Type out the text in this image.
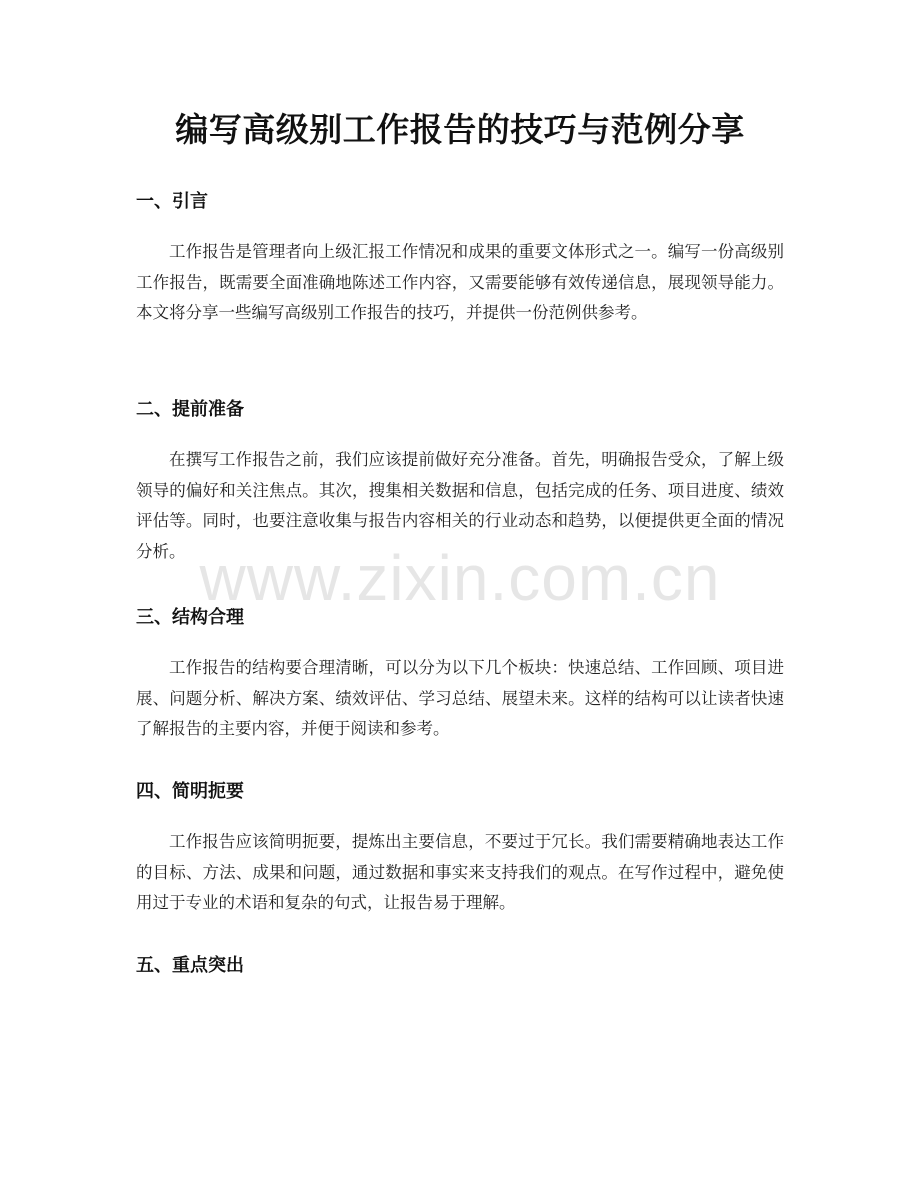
www.zixin.com.cn
编写高级别工作报告的技巧与范例分享
一、引言

工作报告是管理者向上级汇报工作情况和成果的重要文体形式之一。编写一份高级别工作报告，既需要全面准确地陈述工作内容，又需要能够有效传递信息，展现领导能力。本文将分享一些编写高级别工作报告的技巧，并提供一份范例供参考。

二、提前准备

在撰写工作报告之前，我们应该提前做好充分准备。首先，明确报告受众，了解上级领导的偏好和关注焦点。其次，搜集相关数据和信息，包括完成的任务、项目进度、绩效评估等。同时，也要注意收集与报告内容相关的行业动态和趋势，以便提供更全面的情况分析。

三、结构合理

工作报告的结构要合理清晰，可以分为以下几个板块：快速总结、工作回顾、项目进展、问题分析、解决方案、绩效评估、学习总结、展望未来。这样的结构可以让读者快速了解报告的主要内容，并便于阅读和参考。

四、简明扼要

工作报告应该简明扼要，提炼出主要信息，不要过于冗长。我们需要精确地表达工作的目标、方法、成果和问题，通过数据和事实来支持我们的观点。在写作过程中，避免使用过于专业的术语和复杂的句式，让报告易于理解。

五、重点突出
